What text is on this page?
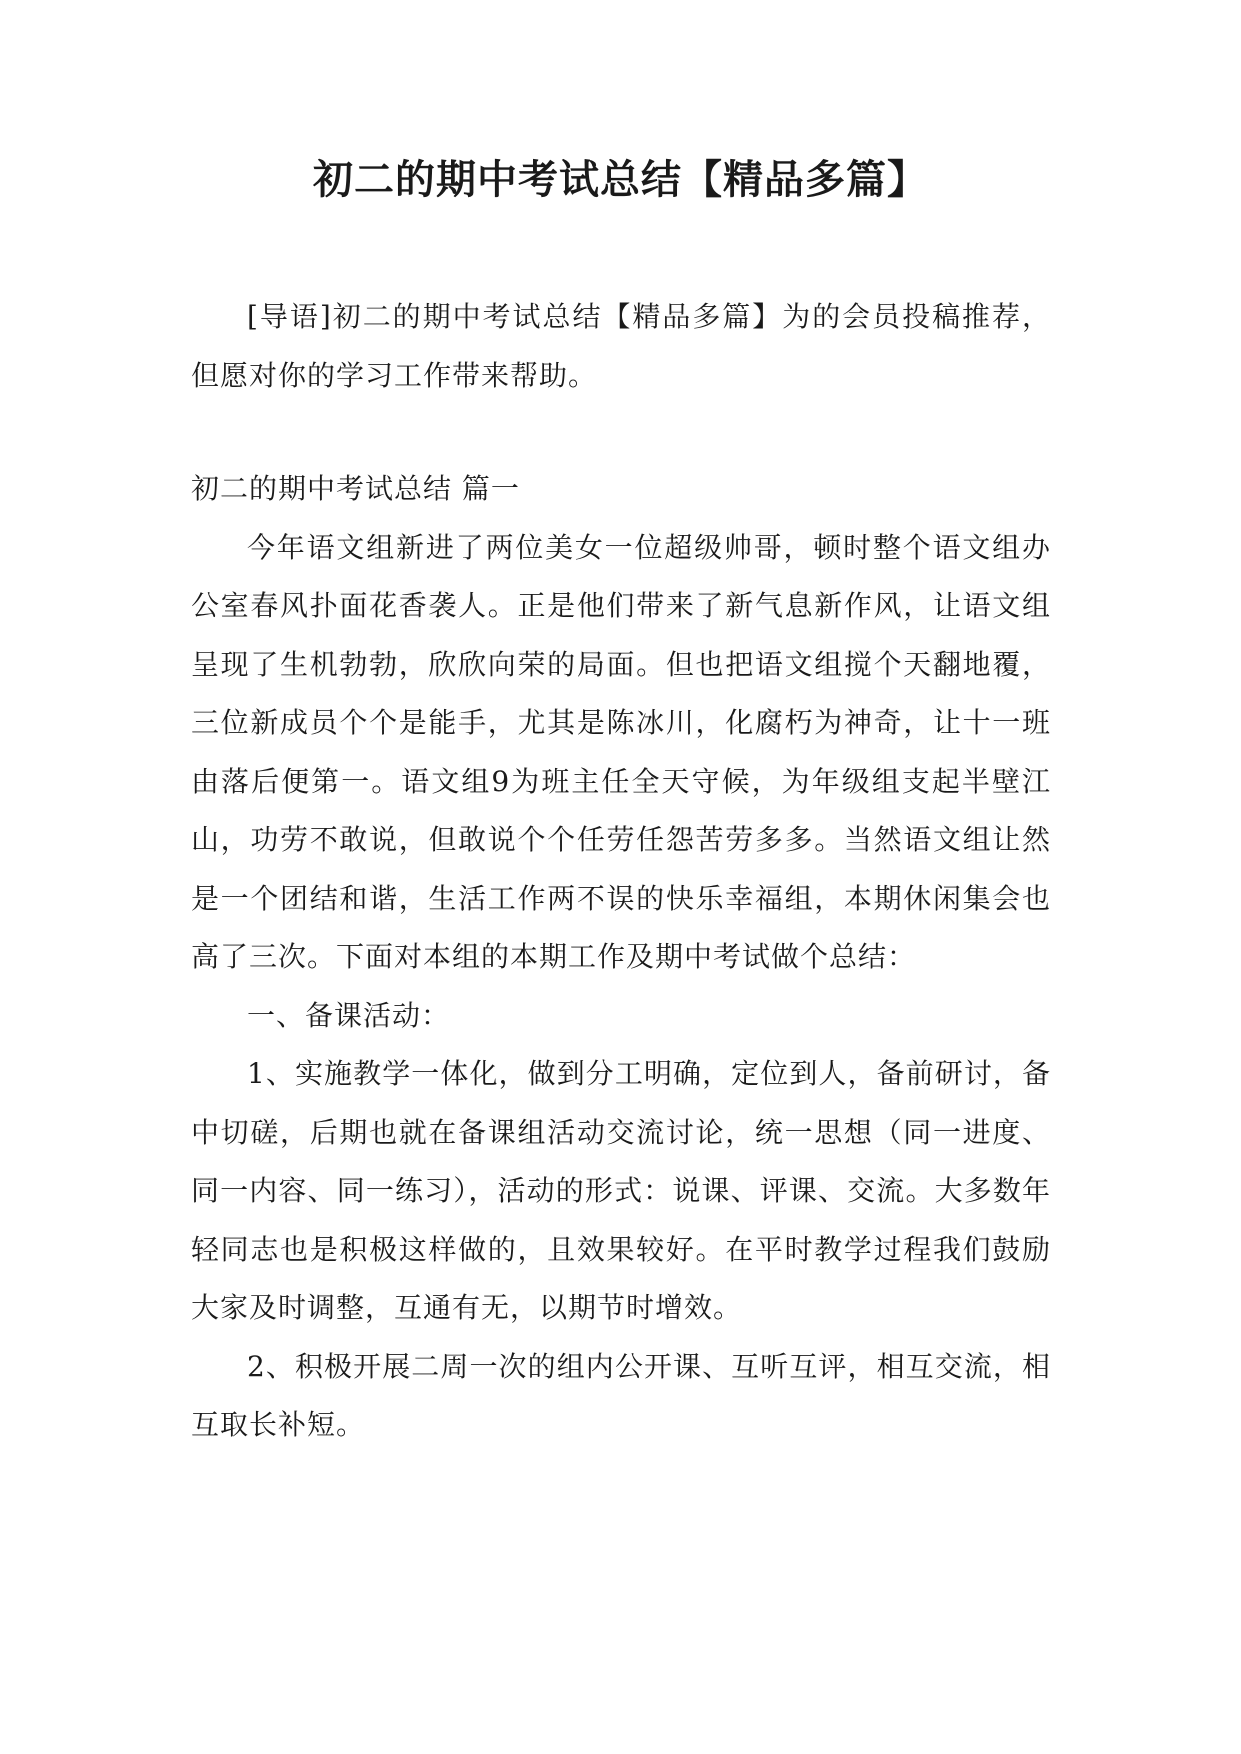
初二的期中考试总结【精品多篇】

[导语]初二的期中考试总结【精品多篇】为的会员投稿推荐，但愿对你的学习工作带来帮助。

初二的期中考试总结 篇一

今年语文组新进了两位美女一位超级帅哥，顿时整个语文组办公室春风扑面花香袭人。正是他们带来了新气息新作风，让语文组呈现了生机勃勃，欣欣向荣的局面。但也把语文组搅个天翻地覆，三位新成员个个是能手，尤其是陈冰川，化腐朽为神奇，让十一班由落后便第一。语文组9为班主任全天守候，为年级组支起半壁江山，功劳不敢说，但敢说个个任劳任怨苦劳多多。当然语文组让然是一个团结和谐，生活工作两不误的快乐幸福组，本期休闲集会也高了三次。下面对本组的本期工作及期中考试做个总结：

一、备课活动：

1、实施教学一体化，做到分工明确，定位到人，备前研讨，备中切磋，后期也就在备课组活动交流讨论，统一思想（同一进度、同一内容、同一练习），活动的形式：说课、评课、交流。大多数年轻同志也是积极这样做的，且效果较好。在平时教学过程我们鼓励大家及时调整，互通有无，以期节时增效。

2、积极开展二周一次的组内公开课、互听互评，相互交流，相互取长补短。
